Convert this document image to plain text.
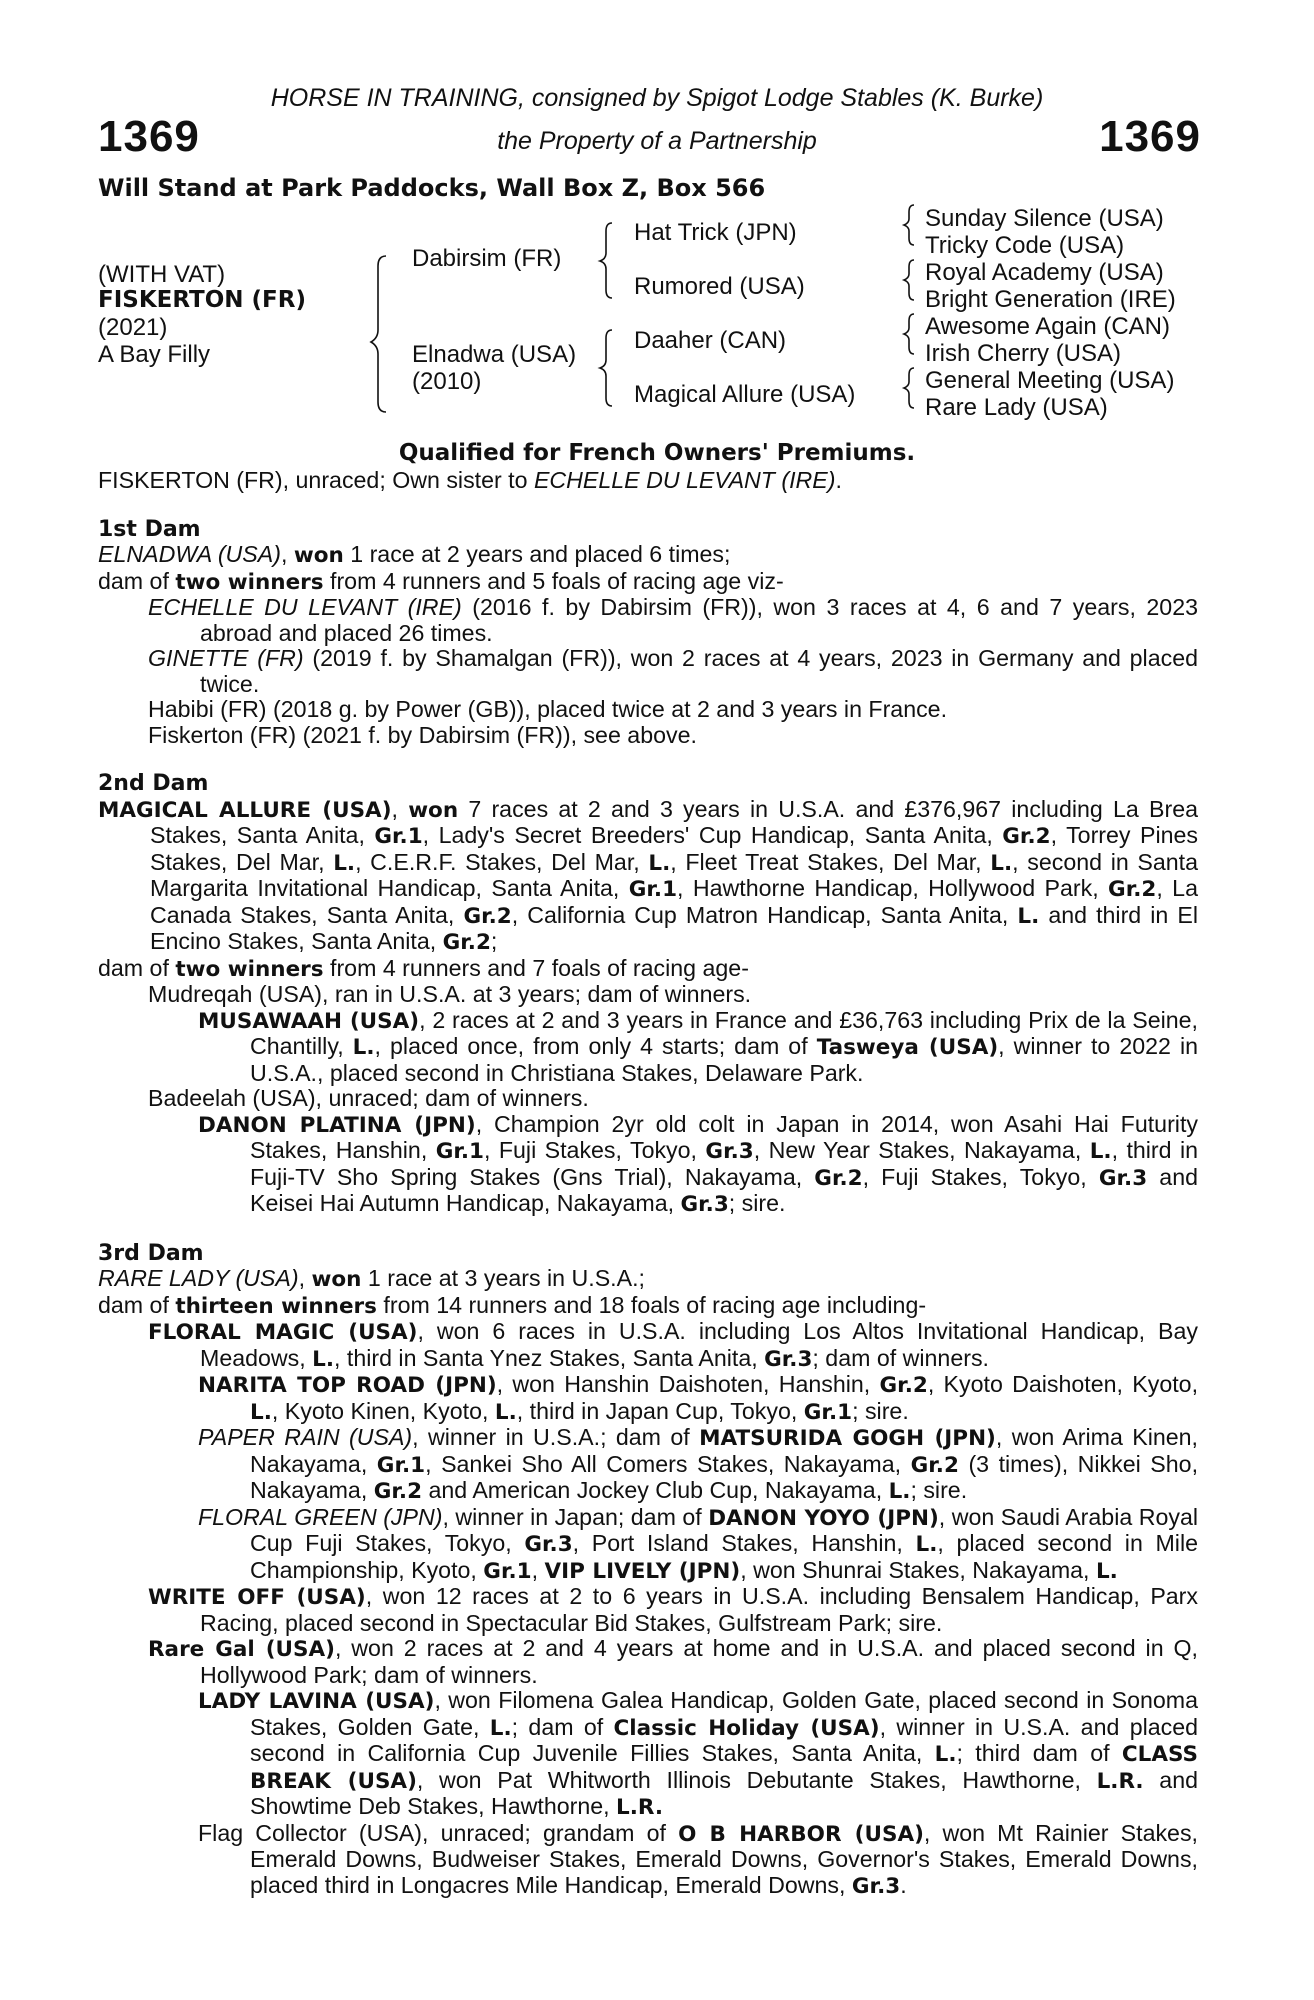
1369	1369
HORSE IN TRAINING, consigned by Spigot Lodge Stables (K. Burke)
the Property of a Partnership
Will Stand at Park Paddocks, Wall Box Z, Box 566
(WITH VAT)
FISKERTON (FR)
(2021)
A Bay Filly
Dabirsim (FR)
Elnadwa (USA)
(2010)
Hat Trick (JPN)
Rumored (USA)
Daaher (CAN)
Magical Allure (USA)
Sunday Silence (USA)
Tricky Code (USA)
Royal Academy (USA)
Bright Generation (IRE)
Awesome Again (CAN)
Irish Cherry (USA)
General Meeting (USA)
Rare Lady (USA)
Qualified for French Owners' Premiums.
FISKERTON (FR), unraced; Own sister to ECHELLE DU LEVANT (IRE).
1st Dam
ELNADWA (USA), won 1 race at 2 years and placed 6 times;
dam of two winners from 4 runners and 5 foals of racing age viz-
ECHELLE DU LEVANT (IRE) (2016 f. by Dabirsim (FR)), won 3 races at 4, 6 and 7 years, 2023 abroad and placed 26 times.
GINETTE (FR) (2019 f. by Shamalgan (FR)), won 2 races at 4 years, 2023 in Germany and placed twice.
Habibi (FR) (2018 g. by Power (GB)), placed twice at 2 and 3 years in France.
Fiskerton (FR) (2021 f. by Dabirsim (FR)), see above.
2nd Dam
MAGICAL ALLURE (USA), won 7 races at 2 and 3 years in U.S.A. and £376,967 including La Brea Stakes, Santa Anita, Gr.1, Lady's Secret Breeders' Cup Handicap, Santa Anita, Gr.2, Torrey Pines Stakes, Del Mar, L., C.E.R.F. Stakes, Del Mar, L., Fleet Treat Stakes, Del Mar, L., second in Santa Margarita Invitational Handicap, Santa Anita, Gr.1, Hawthorne Handicap, Hollywood Park, Gr.2, La Canada Stakes, Santa Anita, Gr.2, California Cup Matron Handicap, Santa Anita, L. and third in El Encino Stakes, Santa Anita, Gr.2;
dam of two winners from 4 runners and 7 foals of racing age-
Mudreqah (USA), ran in U.S.A. at 3 years; dam of winners.
MUSAWAAH (USA), 2 races at 2 and 3 years in France and £36,763 including Prix de la Seine, Chantilly, L., placed once, from only 4 starts; dam of Tasweya (USA), winner to 2022 in U.S.A., placed second in Christiana Stakes, Delaware Park.
Badeelah (USA), unraced; dam of winners.
DANON PLATINA (JPN), Champion 2yr old colt in Japan in 2014, won Asahi Hai Futurity Stakes, Hanshin, Gr.1, Fuji Stakes, Tokyo, Gr.3, New Year Stakes, Nakayama, L., third in Fuji-TV Sho Spring Stakes (Gns Trial), Nakayama, Gr.2, Fuji Stakes, Tokyo, Gr.3 and Keisei Hai Autumn Handicap, Nakayama, Gr.3; sire.
3rd Dam
RARE LADY (USA), won 1 race at 3 years in U.S.A.;
dam of thirteen winners from 14 runners and 18 foals of racing age including-
FLORAL MAGIC (USA), won 6 races in U.S.A. including Los Altos Invitational Handicap, Bay Meadows, L., third in Santa Ynez Stakes, Santa Anita, Gr.3; dam of winners.
NARITA TOP ROAD (JPN), won Hanshin Daishoten, Hanshin, Gr.2, Kyoto Daishoten, Kyoto, L., Kyoto Kinen, Kyoto, L., third in Japan Cup, Tokyo, Gr.1; sire.
PAPER RAIN (USA), winner in U.S.A.; dam of MATSURIDA GOGH (JPN), won Arima Kinen, Nakayama, Gr.1, Sankei Sho All Comers Stakes, Nakayama, Gr.2 (3 times), Nikkei Sho, Nakayama, Gr.2 and American Jockey Club Cup, Nakayama, L.; sire.
FLORAL GREEN (JPN), winner in Japan; dam of DANON YOYO (JPN), won Saudi Arabia Royal Cup Fuji Stakes, Tokyo, Gr.3, Port Island Stakes, Hanshin, L., placed second in Mile Championship, Kyoto, Gr.1, VIP LIVELY (JPN), won Shunrai Stakes, Nakayama, L.
WRITE OFF (USA), won 12 races at 2 to 6 years in U.S.A. including Bensalem Handicap, Parx Racing, placed second in Spectacular Bid Stakes, Gulfstream Park; sire.
Rare Gal (USA), won 2 races at 2 and 4 years at home and in U.S.A. and placed second in Q, Hollywood Park; dam of winners.
LADY LAVINA (USA), won Filomena Galea Handicap, Golden Gate, placed second in Sonoma Stakes, Golden Gate, L.; dam of Classic Holiday (USA), winner in U.S.A. and placed second in California Cup Juvenile Fillies Stakes, Santa Anita, L.; third dam of CLASS BREAK (USA), won Pat Whitworth Illinois Debutante Stakes, Hawthorne, L.R. and Showtime Deb Stakes, Hawthorne, L.R.
Flag Collector (USA), unraced; grandam of O B HARBOR (USA), won Mt Rainier Stakes, Emerald Downs, Budweiser Stakes, Emerald Downs, Governor's Stakes, Emerald Downs, placed third in Longacres Mile Handicap, Emerald Downs, Gr.3.
